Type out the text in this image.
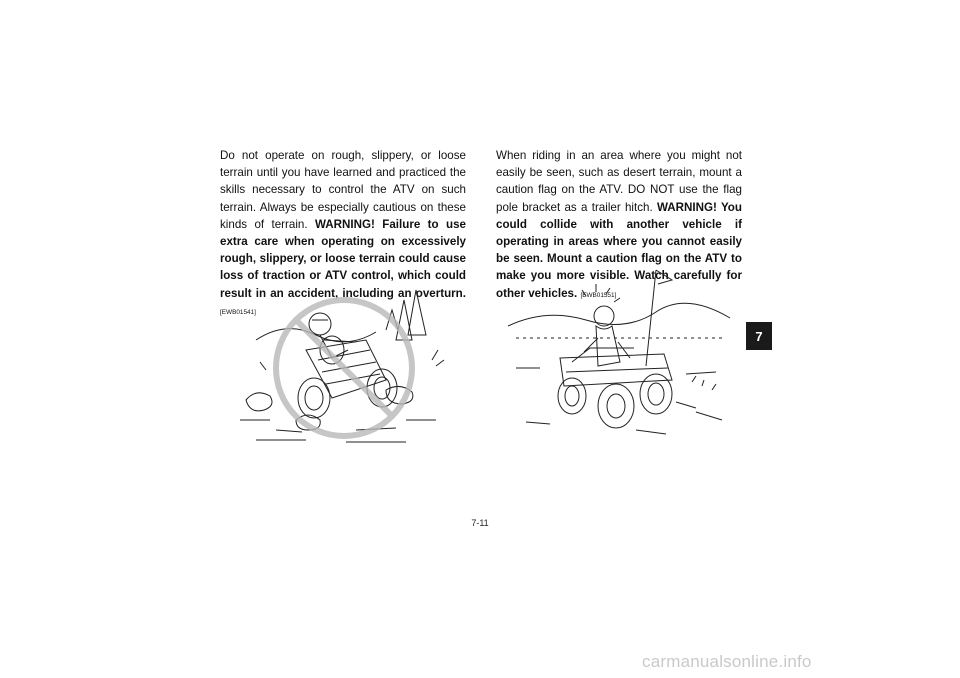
Do not operate on rough, slippery, or loose terrain until you have learned and practiced the skills necessary to control the ATV on such terrain. Always be especially cautious on these kinds of terrain. WARNING! Failure to use extra care when operating on excessively rough, slippery, or loose terrain could cause loss of traction or ATV control, which could result in an accident, including an overturn. [EWB01541]
When riding in an area where you might not easily be seen, such as desert terrain, mount a caution flag on the ATV. DO NOT use the flag pole bracket as a trailer hitch. WARNING! You could collide with another vehicle if operating in areas where you cannot easily be seen. Mount a caution flag on the ATV to make you more visible. Watch carefully for other vehicles. [EWB01551]
7
7-11
carmanualsonline.info
